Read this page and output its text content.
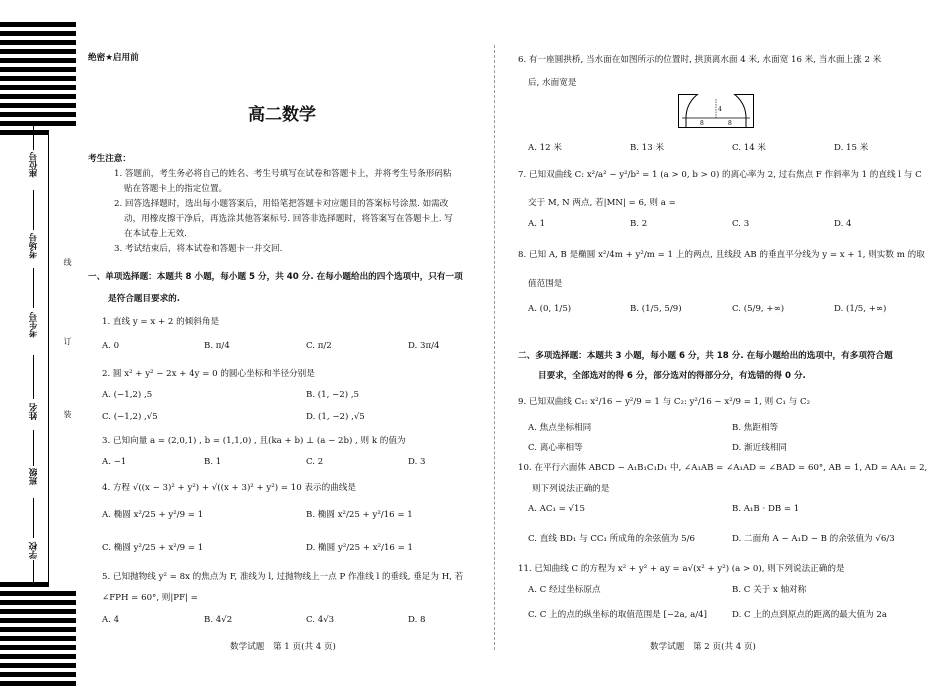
座位号
考场号
考生号
姓名
班级
学校
线
订
装
绝密★启用前
高二数学
考生注意：
1. 答题前，考生务必将自己的姓名、考生号填写在试卷和答题卡上，并将考生号条形码粘
贴在答题卡上的指定位置。
2. 回答选择题时，选出每小题答案后，用铅笔把答题卡对应题目的答案标号涂黑. 如需改
动，用橡皮擦干净后，再选涂其他答案标号. 回答非选择题时，将答案写在答题卡上. 写
在本试卷上无效.
3. 考试结束后，将本试卷和答题卡一并交回.
一、单项选择题：本题共 8 小题，每小题 5 分，共 40 分. 在每小题给出的四个选项中，只有一项
是符合题目要求的.
1. 直线 y = x + 2 的倾斜角是
A. 0	B. π/4	C. π/2	D. 3π/4
2. 圆 x² + y² − 2x + 4y = 0 的圆心坐标和半径分别是
A. (−1,2) ,5	B. (1, −2) ,5
C. (−1,2) ,√5	D. (1, −2) ,√5
3. 已知向量 a = (2,0,1) , b = (1,1,0) , 且(ka + b) ⊥ (a − 2b) , 则 k 的值为
A. −1	B. 1	C. 2	D. 3
4. 方程 √((x − 3)² + y²) + √((x + 3)² + y²) = 10 表示的曲线是
A. 椭圆 x²/25 + y²/9 = 1	B. 椭圆 x²/25 + y²/16 = 1
C. 椭圆 y²/25 + x²/9 = 1	D. 椭圆 y²/25 + x²/16 = 1
5. 已知抛物线 y² = 8x 的焦点为 F, 准线为 l, 过抛物线上一点 P 作准线 l 的垂线, 垂足为 H, 若
∠FPH = 60°, 则|PF| =
A. 4	B. 4√2	C. 4√3	D. 8
数学试题　第 1 页(共 4 页)
6. 有一座圆拱桥, 当水面在如图所示的位置时, 拱顶离水面 4 米, 水面宽 16 米, 当水面上涨 2 米
后, 水面宽是
4
8	8
A. 12 米	B. 13 米	C. 14 米	D. 15 米
7. 已知双曲线 C: x²/a² − y²/b² = 1 (a > 0, b > 0) 的离心率为 2, 过右焦点 F 作斜率为 1 的直线 l 与 C
交于 M, N 两点, 若|MN| = 6, 则 a =
A. 1	B. 2	C. 3	D. 4
8. 已知 A, B 是椭圆 x²/4m + y²/m = 1 上的两点, 且线段 AB 的垂直平分线为 y = x + 1, 则实数 m 的取
值范围是
A. (0, 1/5)	B. (1/5, 5/9)	C. (5/9, +∞)	D. (1/5, +∞)
二、多项选择题：本题共 3 小题，每小题 6 分，共 18 分. 在每小题给出的选项中，有多项符合题
目要求，全部选对的得 6 分，部分选对的得部分分，有选错的得 0 分.
9. 已知双曲线 C₁: x²/16 − y²/9 = 1 与 C₂: y²/16 − x²/9 = 1, 则 C₁ 与 C₂
A. 焦点坐标相同	B. 焦距相等
C. 离心率相等	D. 渐近线相同
10. 在平行六面体 ABCD − A₁B₁C₁D₁ 中, ∠A₁AB = ∠A₁AD = ∠BAD = 60°, AB = 1, AD = AA₁ = 2,
则下列说法正确的是
A. AC₁ = √15	B. A₁B · DB = 1
C. 直线 BD₁ 与 CC₁ 所成角的余弦值为 5/6	D. 二面角 A − A₁D − B 的余弦值为 √6/3
11. 已知曲线 C 的方程为 x² + y² + ay = a√(x² + y²) (a > 0), 则下列说法正确的是
A. C 经过坐标原点	B. C 关于 x 轴对称
C. C 上的点的纵坐标的取值范围是 [−2a, a/4]	D. C 上的点到原点的距离的最大值为 2a
数学试题　第 2 页(共 4 页)
